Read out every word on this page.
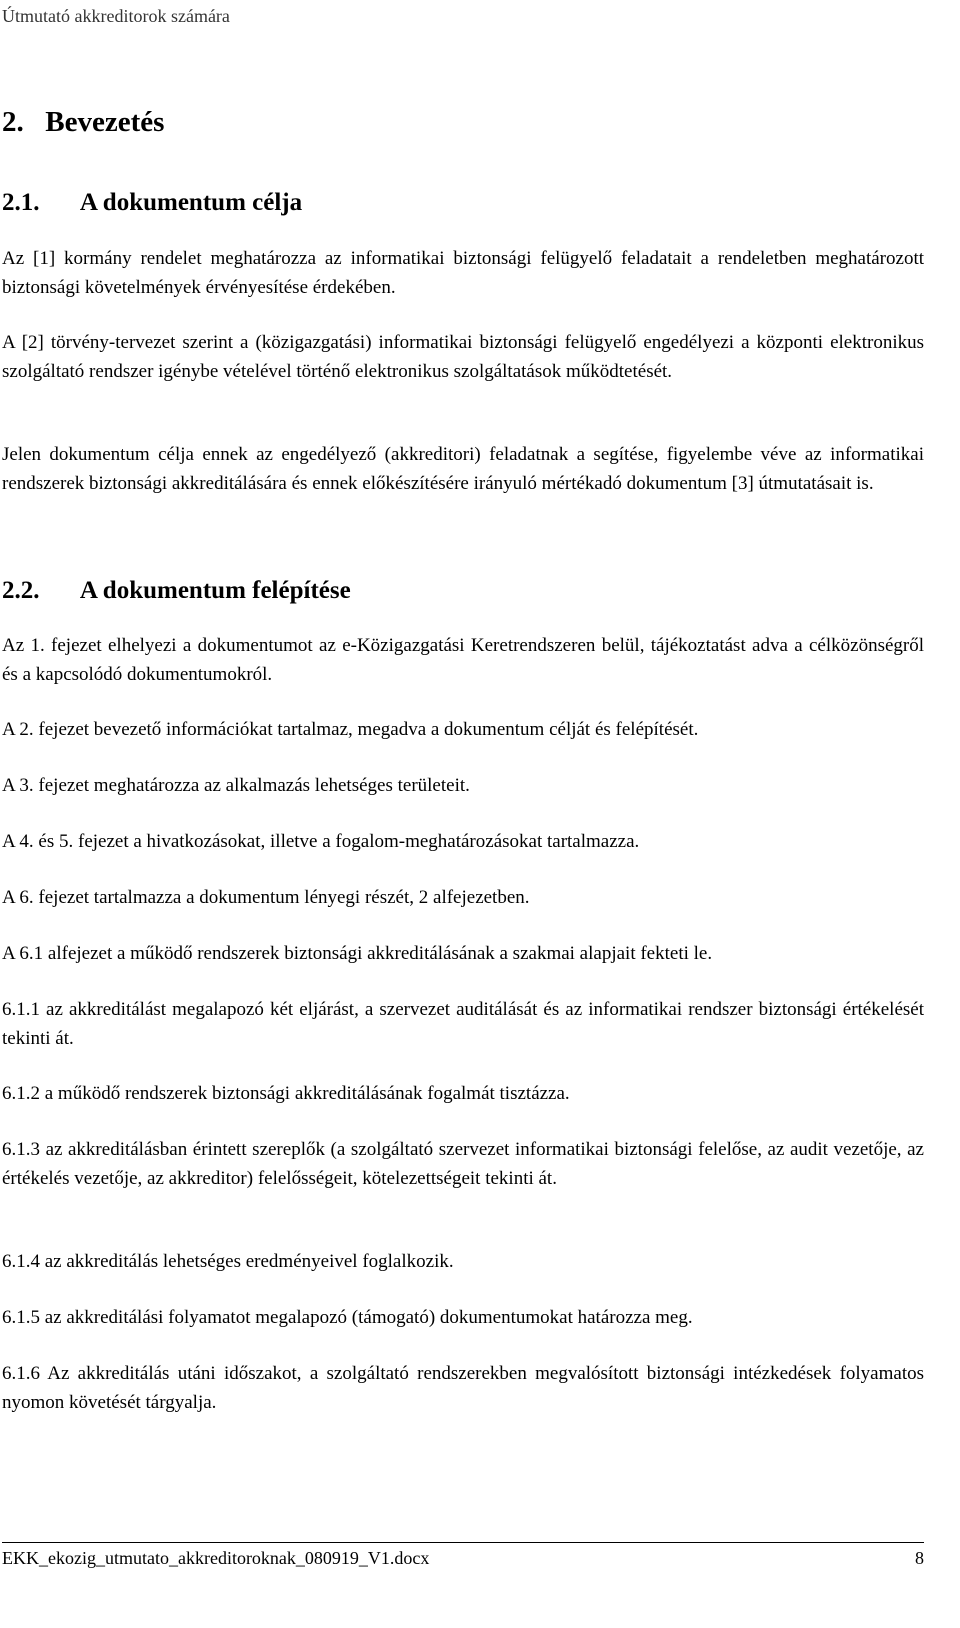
Útmutató akkreditorok számára
2. Bevezetés
2.1. A dokumentum célja

Az [1] kormány rendelet meghatározza az informatikai biztonsági felügyelő feladatait a rendeletben meghatározott biztonsági követelmények érvényesítése érdekében.

A [2] törvény-tervezet szerint a (közigazgatási) informatikai biztonsági felügyelő engedélyezi a központi elektronikus szolgáltató rendszer igénybe vételével történő elektronikus szolgáltatások működtetését.

Jelen dokumentum célja ennek az engedélyező (akkreditori) feladatnak a segítése, figyelembe véve az informatikai rendszerek biztonsági akkreditálására és ennek előkészítésére irányuló mértékadó dokumentum [3] útmutatásait is.

2.2. A dokumentum felépítése

Az 1. fejezet elhelyezi a dokumentumot az e-Közigazgatási Keretrendszeren belül, tájékoztatást adva a célközönségről és a kapcsolódó dokumentumokról.

A 2. fejezet bevezető információkat tartalmaz, megadva a dokumentum célját és felépítését.

A 3. fejezet meghatározza az alkalmazás lehetséges területeit.

A 4. és 5. fejezet a hivatkozásokat, illetve a fogalom-meghatározásokat tartalmazza.

A 6. fejezet tartalmazza a dokumentum lényegi részét, 2 alfejezetben.

A 6.1 alfejezet a működő rendszerek biztonsági akkreditálásának a szakmai alapjait fekteti le.

6.1.1 az akkreditálást megalapozó két eljárást, a szervezet auditálását és az informatikai rendszer biztonsági értékelését tekinti át.

6.1.2 a működő rendszerek biztonsági akkreditálásának fogalmát tisztázza.

6.1.3 az akkreditálásban érintett szereplők (a szolgáltató szervezet informatikai biztonsági felelőse, az audit vezetője, az értékelés vezetője, az akkreditor) felelősségeit, kötelezettségeit tekinti át.

6.1.4 az akkreditálás lehetséges eredményeivel foglalkozik.

6.1.5 az akkreditálási folyamatot megalapozó (támogató) dokumentumokat határozza meg.

6.1.6 Az akkreditálás utáni időszakot, a szolgáltató rendszerekben megvalósított biztonsági intézkedések folyamatos nyomon követését tárgyalja.

EKK_ekozig_utmutato_akkreditoroknak_080919_V1.docx	8
